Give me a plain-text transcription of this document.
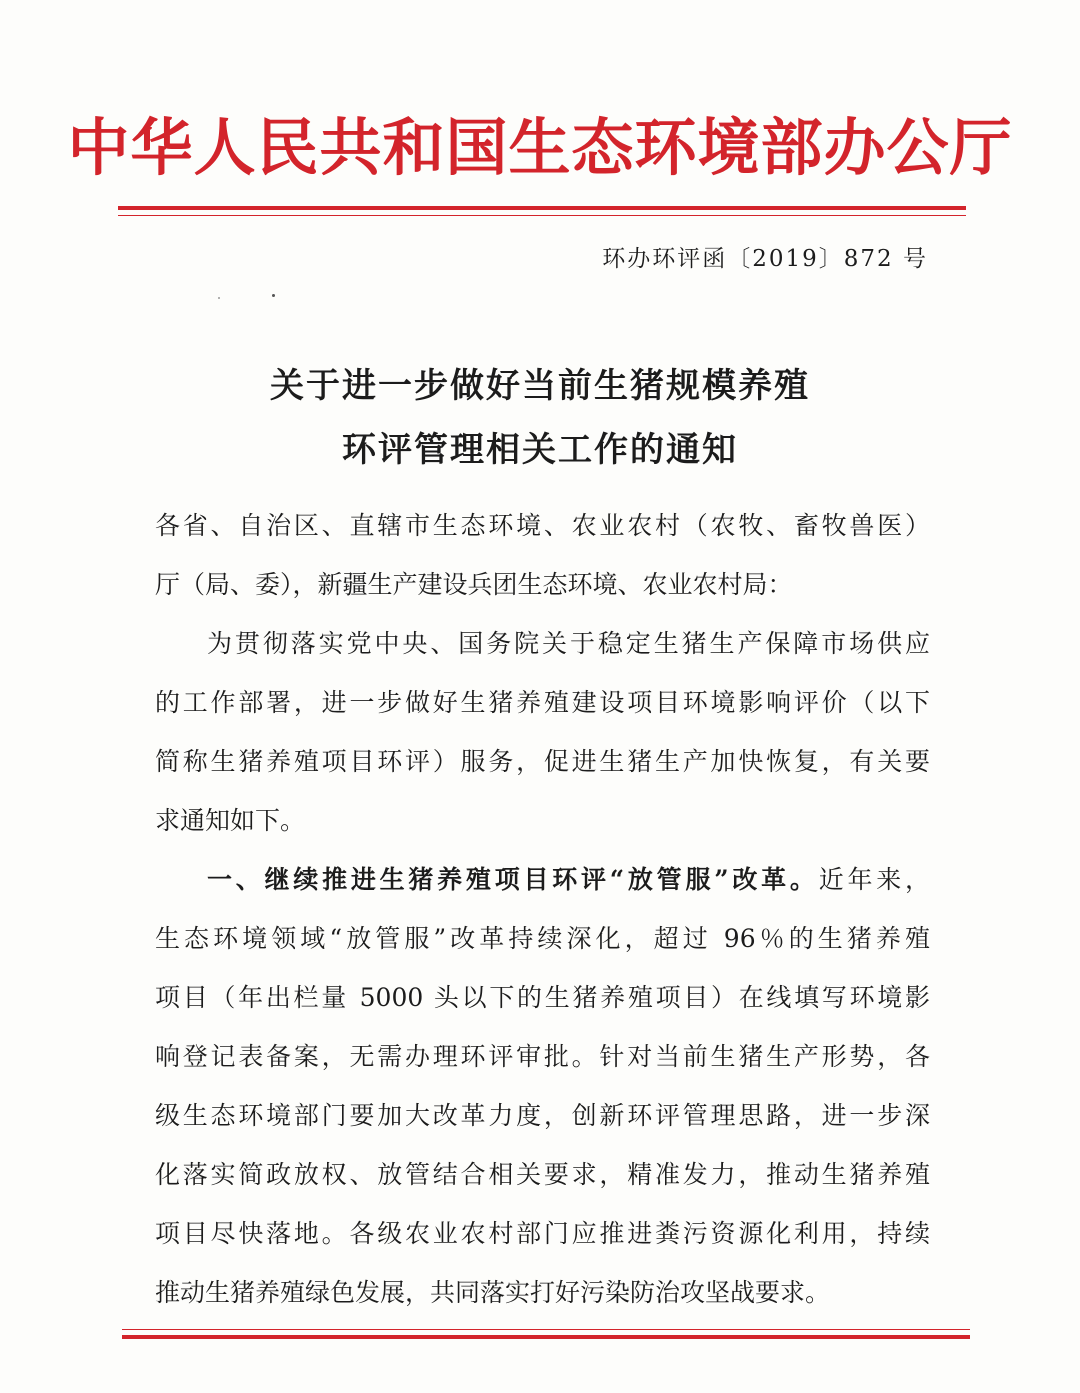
中华人民共和国生态环境部办公厅
环办环评函〔2019〕872 号
关于进一步做好当前生猪规模养殖
环评管理相关工作的通知
各省、自治区、直辖市生态环境、农业农村（农牧、畜牧兽医）
厅（局、委），新疆生产建设兵团生态环境、农业农村局：
为贯彻落实党中央、国务院关于稳定生猪生产保障市场供应
的工作部署，进一步做好生猪养殖建设项目环境影响评价（以下
简称生猪养殖项目环评）服务，促进生猪生产加快恢复，有关要
求通知如下。
一、继续推进生猪养殖项目环评“放管服”改革。近年来，
生态环境领域“放管服”改革持续深化，超过 96％的生猪养殖
项目（年出栏量 5000 头以下的生猪养殖项目）在线填写环境影
响登记表备案，无需办理环评审批。针对当前生猪生产形势，各
级生态环境部门要加大改革力度，创新环评管理思路，进一步深
化落实简政放权、放管结合相关要求，精准发力，推动生猪养殖
项目尽快落地。各级农业农村部门应推进粪污资源化利用，持续
推动生猪养殖绿色发展，共同落实打好污染防治攻坚战要求。
